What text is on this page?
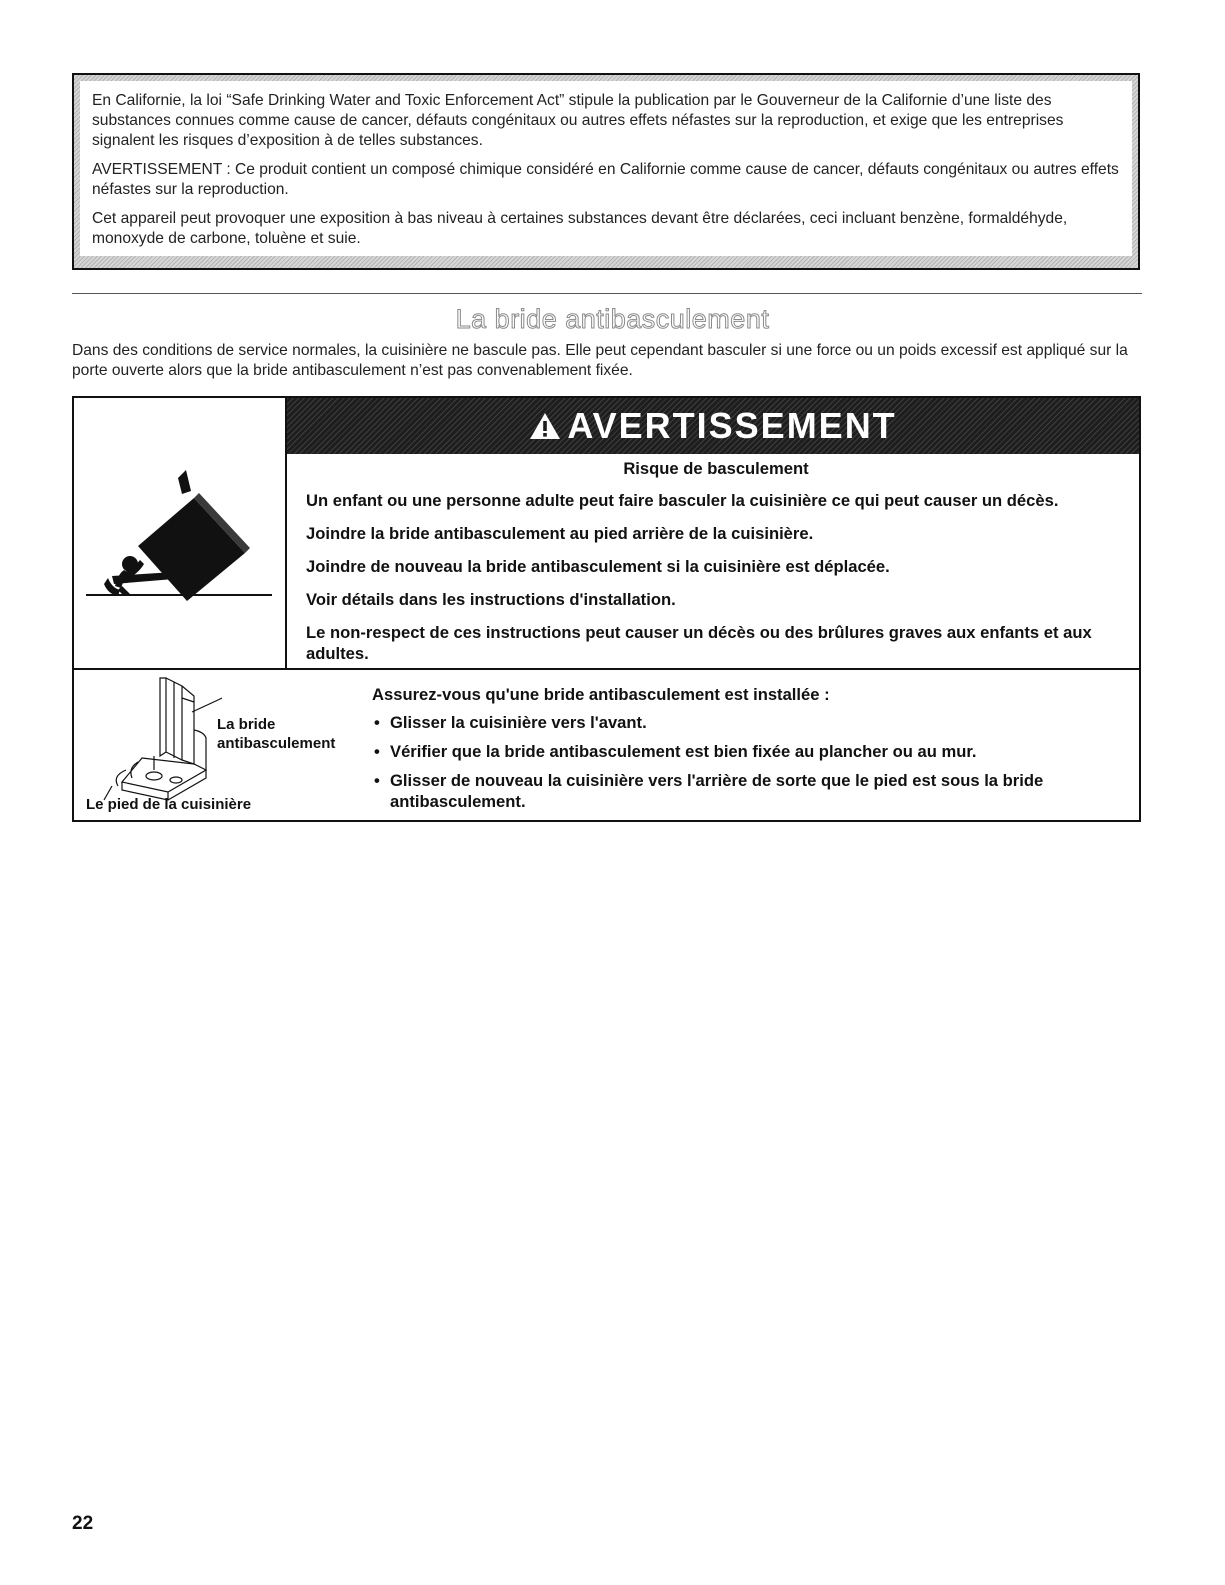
En Californie, la loi “Safe Drinking Water and Toxic Enforcement Act” stipule la publication par le Gouverneur de la Californie d’une liste des substances connues comme cause de cancer, défauts congénitaux ou autres effets néfastes sur la reproduction, et exige que les entreprises signalent les risques d’exposition à de telles substances.

AVERTISSEMENT : Ce produit contient un composé chimique considéré en Californie comme cause de cancer, défauts congénitaux ou autres effets néfastes sur la reproduction.

Cet appareil peut provoquer une exposition à bas niveau à certaines substances devant être déclarées, ceci incluant benzène, formaldéhyde, monoxyde de carbone, toluène et suie.

La bride antibasculement

Dans des conditions de service normales, la cuisinière ne bascule pas. Elle peut cependant basculer si une force ou un poids excessif est appliqué sur la porte ouverte alors que la bride antibasculement n’est pas convenablement fixée.

AVERTISSEMENT

Risque de basculement

Un enfant ou une personne adulte peut faire basculer la cuisinière ce qui peut causer un décès.

Joindre la bride antibasculement au pied arrière de la cuisinière.

Joindre de nouveau la bride antibasculement si la cuisinière est déplacée.

Voir détails dans les instructions d'installation.

Le non-respect de ces instructions peut causer un décès ou des brûlures graves aux enfants et aux adultes.

La bride
antibasculement

Le pied de la cuisinière

Assurez-vous qu'une bride antibasculement est installée :

• Glisser la cuisinière vers l'avant.
• Vérifier que la bride antibasculement est bien fixée au plancher ou au mur.
• Glisser de nouveau la cuisinière vers l'arrière de sorte que le pied est sous la bride antibasculement.

22
